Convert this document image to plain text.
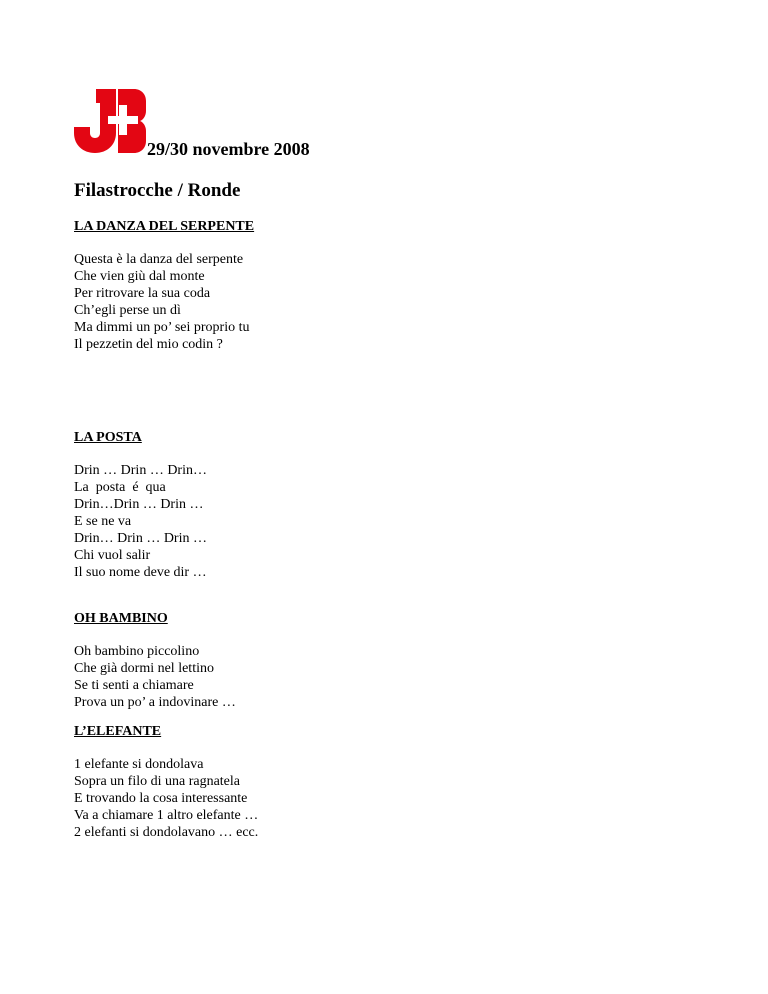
29/30 novembre 2008
Filastrocche / Ronde
LA DANZA DEL SERPENTE
Questa è la danza del serpente
Che vien giù dal monte
Per ritrovare la sua coda
Ch’egli perse un dì
Ma dimmi un po’ sei proprio tu
Il pezzetin del mio codin ?
LA POSTA
Drin … Drin … Drin…
La  posta  é  qua
Drin…Drin … Drin …
E se ne va
Drin… Drin … Drin …
Chi vuol salir
Il suo nome deve dir …
OH BAMBINO
Oh bambino piccolino
Che già dormi nel lettino
Se ti senti a chiamare
Prova un po’ a indovinare …
L’ELEFANTE
1 elefante si dondolava
Sopra un filo di una ragnatela
E trovando la cosa interessante
Va a chiamare 1 altro elefante …
2 elefanti si dondolavano … ecc.
